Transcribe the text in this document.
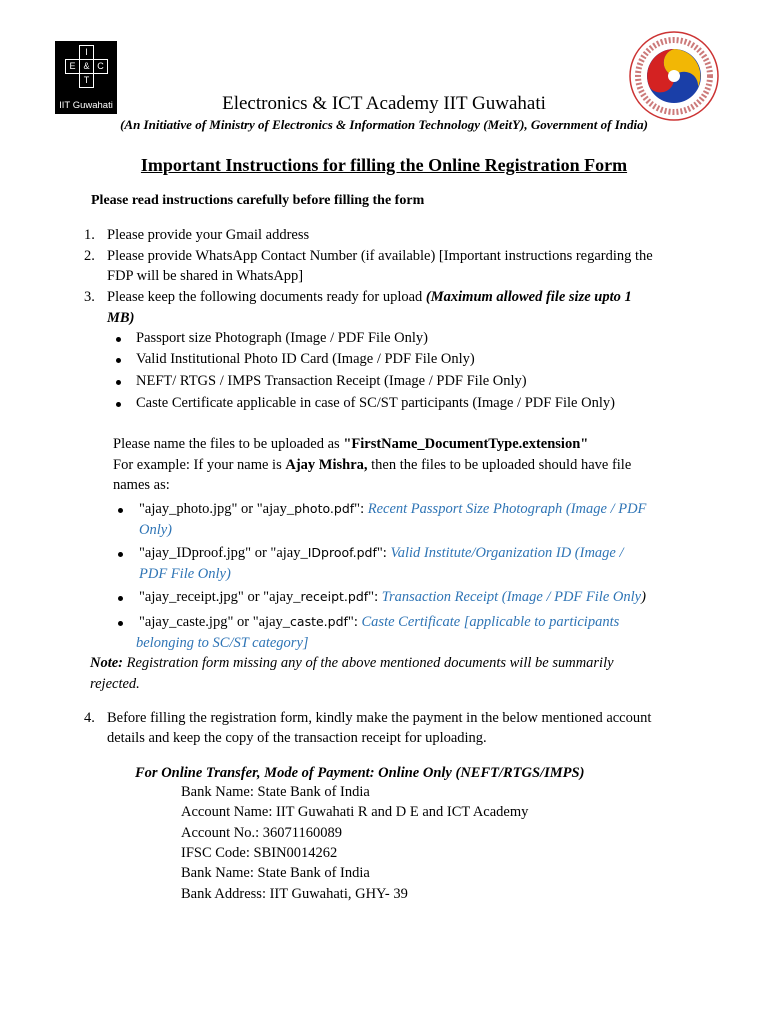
I
E & C
T
IIT Guwahati	Electronics & ICT Academy IIT Guwahati
(An Initiative of Ministry of Electronics & Information Technology (MeitY), Government of India)
Important Instructions for filling the Online Registration Form
Please read instructions carefully before filling the form
1. Please provide your Gmail address
2. Please provide WhatsApp Contact Number (if available) [Important instructions regarding the
FDP will be shared in WhatsApp]
3. Please keep the following documents ready for upload (Maximum allowed file size upto 1
MB)
Passport size Photograph (Image / PDF File Only)
Valid Institutional Photo ID Card (Image / PDF File Only)
NEFT/ RTGS / IMPS Transaction Receipt (Image / PDF File Only)
Caste Certificate applicable in case of SC/ST participants (Image / PDF File Only)
Please name the files to be uploaded as "FirstName_DocumentType.extension"
For example: If your name is Ajay Mishra, then the files to be uploaded should have file
names as:
"ajay_photo.jpg" or "ajay_photo.pdf": Recent Passport Size Photograph (Image / PDF
Only)
"ajay_IDproof.jpg" or "ajay_IDproof.pdf": Valid Institute/Organization ID (Image /
PDF File Only)
"ajay_receipt.jpg" or "ajay_receipt.pdf": Transaction Receipt (Image / PDF File Only)
"ajay_caste.jpg" or "ajay_caste.pdf": Caste Certificate [applicable to participants
belonging to SC/ST category]
Note: Registration form missing any of the above mentioned documents will be summarily
rejected.
4. Before filling the registration form, kindly make the payment in the below mentioned account
details and keep the copy of the transaction receipt for uploading.
For Online Transfer, Mode of Payment: Online Only (NEFT/RTGS/IMPS)
Bank Name: State Bank of India
Account Name: IIT Guwahati R and D E and ICT Academy
Account No.: 36071160089
IFSC Code: SBIN0014262
Bank Name: State Bank of India
Bank Address: IIT Guwahati, GHY- 39
